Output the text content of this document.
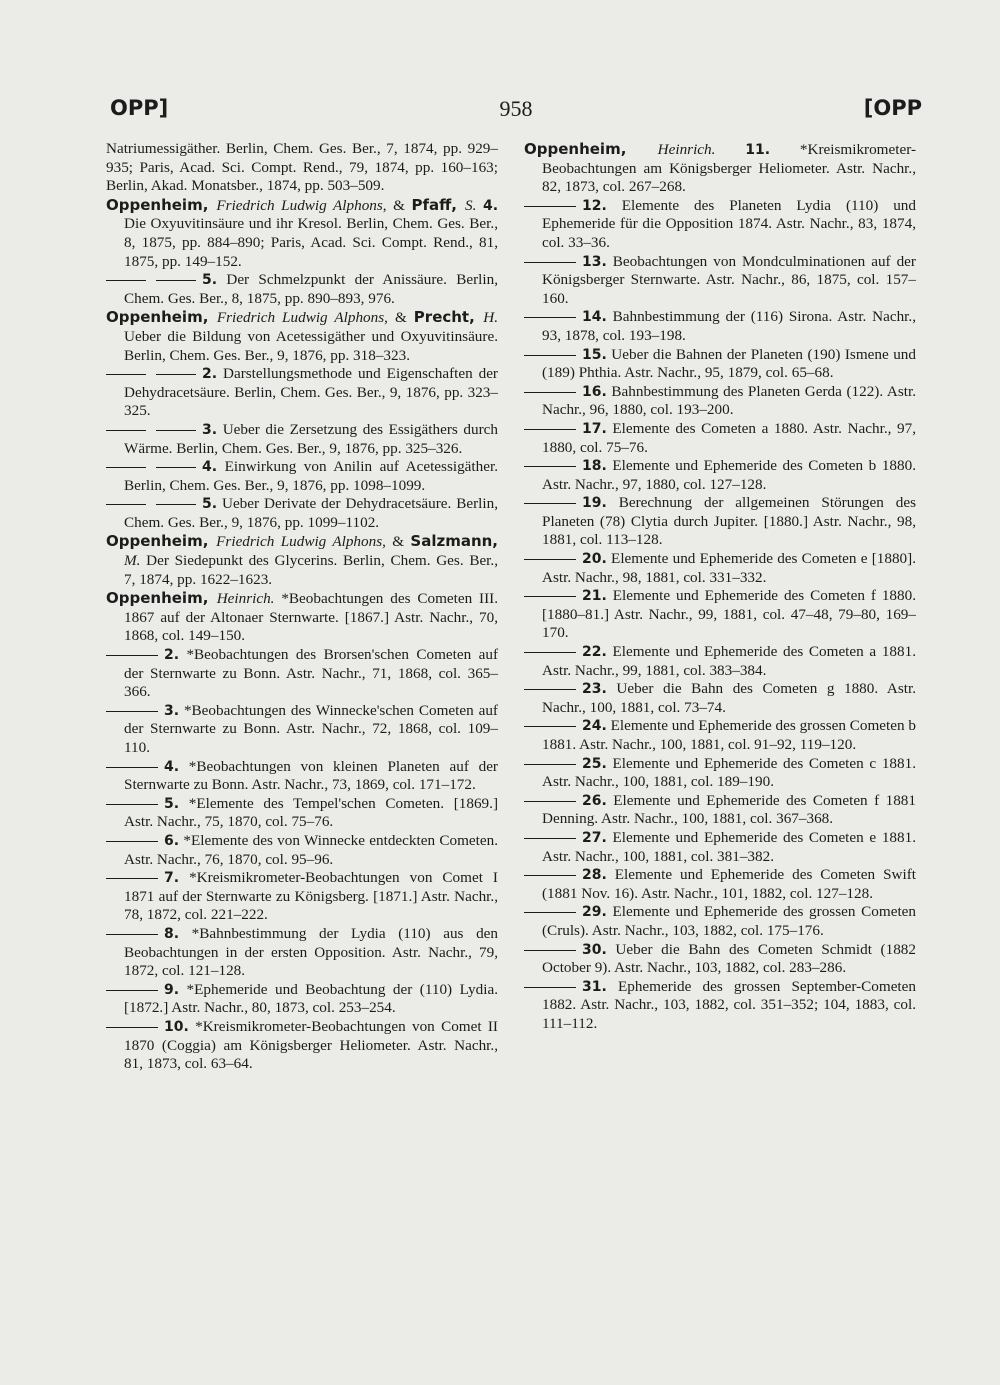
OPP]	958	[OPP
Natriumessigäther. Berlin, Chem. Ges. Ber., 7, 1874, pp. 929–935; Paris, Acad. Sci. Compt. Rend., 79, 1874, pp. 160–163; Berlin, Akad. Monatsber., 1874, pp. 503–509.
Oppenheim, Friedrich Ludwig Alphons, & Pfaff, S. 4. Die Oxyuvitinsäure und ihr Kresol. Berlin, Chem. Ges. Ber., 8, 1875, pp. 884–890; Paris, Acad. Sci. Compt. Rend., 81, 1875, pp. 149–152.
5. Der Schmelzpunkt der Anissäure. Berlin, Chem. Ges. Ber., 8, 1875, pp. 890–893, 976.
Oppenheim, Friedrich Ludwig Alphons, & Precht, H. Ueber die Bildung von Acetessigäther und Oxyuvitinsäure. Berlin, Chem. Ges. Ber., 9, 1876, pp. 318–323.
2. Darstellungsmethode und Eigenschaften der Dehydracetsäure. Berlin, Chem. Ges. Ber., 9, 1876, pp. 323–325.
3. Ueber die Zersetzung des Essigäthers durch Wärme. Berlin, Chem. Ges. Ber., 9, 1876, pp. 325–326.
4. Einwirkung von Anilin auf Acetessigäther. Berlin, Chem. Ges. Ber., 9, 1876, pp. 1098–1099.
5. Ueber Derivate der Dehydracetsäure. Berlin, Chem. Ges. Ber., 9, 1876, pp. 1099–1102.
Oppenheim, Friedrich Ludwig Alphons, & Salzmann, M. Der Siedepunkt des Glycerins. Berlin, Chem. Ges. Ber., 7, 1874, pp. 1622–1623.
Oppenheim, Heinrich. *Beobachtungen des Cometen III. 1867 auf der Altonaer Sternwarte. [1867.] Astr. Nachr., 70, 1868, col. 149–150.
2. *Beobachtungen des Brorsen'schen Cometen auf der Sternwarte zu Bonn. Astr. Nachr., 71, 1868, col. 365–366.
3. *Beobachtungen des Winnecke'schen Cometen auf der Sternwarte zu Bonn. Astr. Nachr., 72, 1868, col. 109–110.
4. *Beobachtungen von kleinen Planeten auf der Sternwarte zu Bonn. Astr. Nachr., 73, 1869, col. 171–172.
5. *Elemente des Tempel'schen Cometen. [1869.] Astr. Nachr., 75, 1870, col. 75–76.
6. *Elemente des von Winnecke entdeckten Cometen. Astr. Nachr., 76, 1870, col. 95–96.
7. *Kreismikrometer-Beobachtungen von Comet I 1871 auf der Sternwarte zu Königsberg. [1871.] Astr. Nachr., 78, 1872, col. 221–222.
8. *Bahnbestimmung der Lydia (110) aus den Beobachtungen in der ersten Opposition. Astr. Nachr., 79, 1872, col. 121–128.
9. *Ephemeride und Beobachtung der (110) Lydia. [1872.] Astr. Nachr., 80, 1873, col. 253–254.
10. *Kreismikrometer-Beobachtungen von Comet II 1870 (Coggia) am Königsberger Heliometer. Astr. Nachr., 81, 1873, col. 63–64.
Oppenheim, Heinrich. 11. *Kreismikrometer-Beobachtungen am Königsberger Heliometer. Astr. Nachr., 82, 1873, col. 267–268.
12. Elemente des Planeten Lydia (110) und Ephemeride für die Opposition 1874. Astr. Nachr., 83, 1874, col. 33–36.
13. Beobachtungen von Mondculminationen auf der Königsberger Sternwarte. Astr. Nachr., 86, 1875, col. 157–160.
14. Bahnbestimmung der (116) Sirona. Astr. Nachr., 93, 1878, col. 193–198.
15. Ueber die Bahnen der Planeten (190) Ismene und (189) Phthia. Astr. Nachr., 95, 1879, col. 65–68.
16. Bahnbestimmung des Planeten Gerda (122). Astr. Nachr., 96, 1880, col. 193–200.
17. Elemente des Cometen a 1880. Astr. Nachr., 97, 1880, col. 75–76.
18. Elemente und Ephemeride des Cometen b 1880. Astr. Nachr., 97, 1880, col. 127–128.
19. Berechnung der allgemeinen Störungen des Planeten (78) Clytia durch Jupiter. [1880.] Astr. Nachr., 98, 1881, col. 113–128.
20. Elemente und Ephemeride des Cometen e [1880]. Astr. Nachr., 98, 1881, col. 331–332.
21. Elemente und Ephemeride des Cometen f 1880. [1880–81.] Astr. Nachr., 99, 1881, col. 47–48, 79–80, 169–170.
22. Elemente und Ephemeride des Cometen a 1881. Astr. Nachr., 99, 1881, col. 383–384.
23. Ueber die Bahn des Cometen g 1880. Astr. Nachr., 100, 1881, col. 73–74.
24. Elemente und Ephemeride des grossen Cometen b 1881. Astr. Nachr., 100, 1881, col. 91–92, 119–120.
25. Elemente und Ephemeride des Cometen c 1881. Astr. Nachr., 100, 1881, col. 189–190.
26. Elemente und Ephemeride des Cometen f 1881 Denning. Astr. Nachr., 100, 1881, col. 367–368.
27. Elemente und Ephemeride des Cometen e 1881. Astr. Nachr., 100, 1881, col. 381–382.
28. Elemente und Ephemeride des Cometen Swift (1881 Nov. 16). Astr. Nachr., 101, 1882, col. 127–128.
29. Elemente und Ephemeride des grossen Cometen (Cruls). Astr. Nachr., 103, 1882, col. 175–176.
30. Ueber die Bahn des Cometen Schmidt (1882 October 9). Astr. Nachr., 103, 1882, col. 283–286.
31. Ephemeride des grossen September-Cometen 1882. Astr. Nachr., 103, 1882, col. 351–352; 104, 1883, col. 111–112.
